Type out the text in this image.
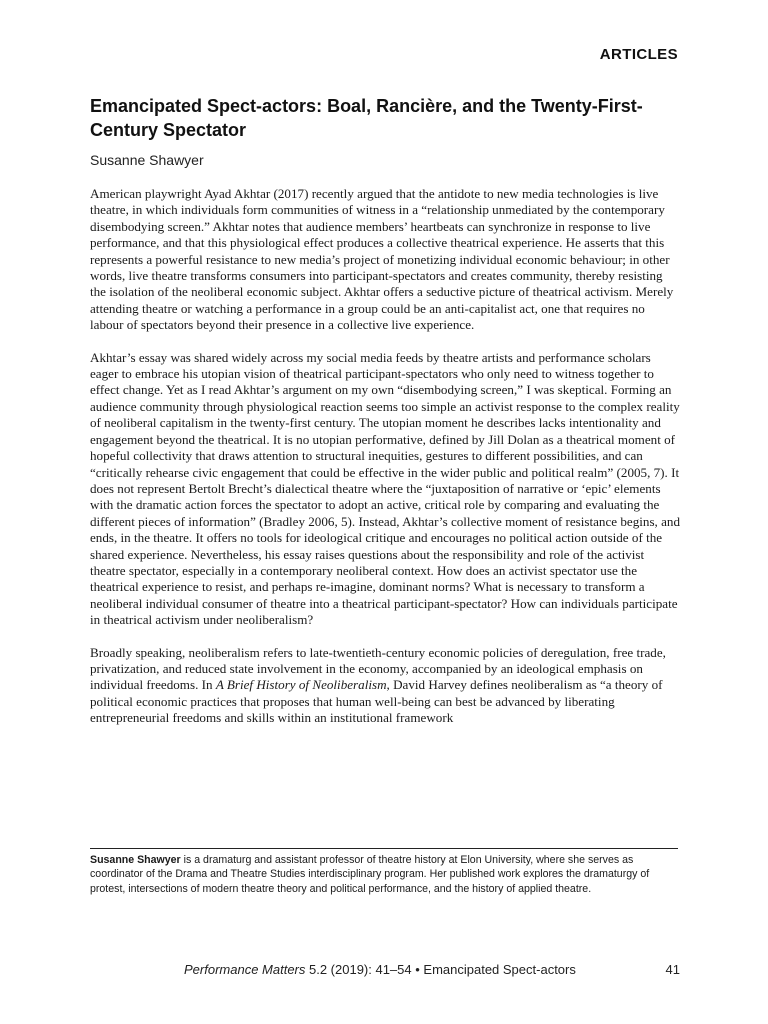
ARTICLES
Emancipated Spect-actors: Boal, Rancière, and the Twenty-First-Century Spectator
Susanne Shawyer

American playwright Ayad Akhtar (2017) recently argued that the antidote to new media technologies is live theatre, in which individuals form communities of witness in a “relationship unmediated by the contemporary disembodying screen.” Akhtar notes that audience members’ heartbeats can synchronize in response to live performance, and that this physiological effect produces a collective theatrical experience. He asserts that this represents a powerful resistance to new media’s project of monetizing individual economic behaviour; in other words, live theatre transforms consumers into participant-spectators and creates community, thereby resisting the isolation of the neoliberal economic subject. Akhtar offers a seductive picture of theatrical activism. Merely attending theatre or watching a performance in a group could be an anti-capitalist act, one that requires no labour of spectators beyond their presence in a collective live experience.

Akhtar’s essay was shared widely across my social media feeds by theatre artists and performance scholars eager to embrace his utopian vision of theatrical participant-spectators who only need to witness together to effect change. Yet as I read Akhtar’s argument on my own “disembodying screen,” I was skeptical. Forming an audience community through physiological reaction seems too simple an activist response to the complex reality of neoliberal capitalism in the twenty-first century. The utopian moment he describes lacks intentionality and engagement beyond the theatrical. It is no utopian performative, defined by Jill Dolan as a theatrical moment of hopeful collectivity that draws attention to structural inequities, gestures to different possibilities, and can “critically rehearse civic engagement that could be effective in the wider public and political realm” (2005, 7). It does not represent Bertolt Brecht’s dialectical theatre where the “juxtaposition of narrative or ‘epic’ elements with the dramatic action forces the spectator to adopt an active, critical role by comparing and evaluating the different pieces of information” (Bradley 2006, 5). Instead, Akhtar’s collective moment of resistance begins, and ends, in the theatre. It offers no tools for ideological critique and encourages no political action outside of the shared experience. Nevertheless, his essay raises questions about the responsibility and role of the activist theatre spectator, especially in a contemporary neoliberal context. How does an activist spectator use the theatrical experience to resist, and perhaps re-imagine, dominant norms? What is necessary to transform a neoliberal individual consumer of theatre into a theatrical participant-spectator? How can individuals participate in theatrical activism under neoliberalism?

Broadly speaking, neoliberalism refers to late-twentieth-century economic policies of deregulation, free trade, privatization, and reduced state involvement in the economy, accompanied by an ideological emphasis on individual freedoms. In A Brief History of Neoliberalism, David Harvey defines neoliberalism as “a theory of political economic practices that proposes that human well-being can best be advanced by liberating entrepreneurial freedoms and skills within an institutional framework

Susanne Shawyer is a dramaturg and assistant professor of theatre history at Elon University, where she serves as coordinator of the Drama and Theatre Studies interdisciplinary program. Her published work explores the dramaturgy of protest, intersections of modern theatre theory and political performance, and the history of applied theatre.

Performance Matters 5.2 (2019): 41–54 • Emancipated Spect-actors	41
